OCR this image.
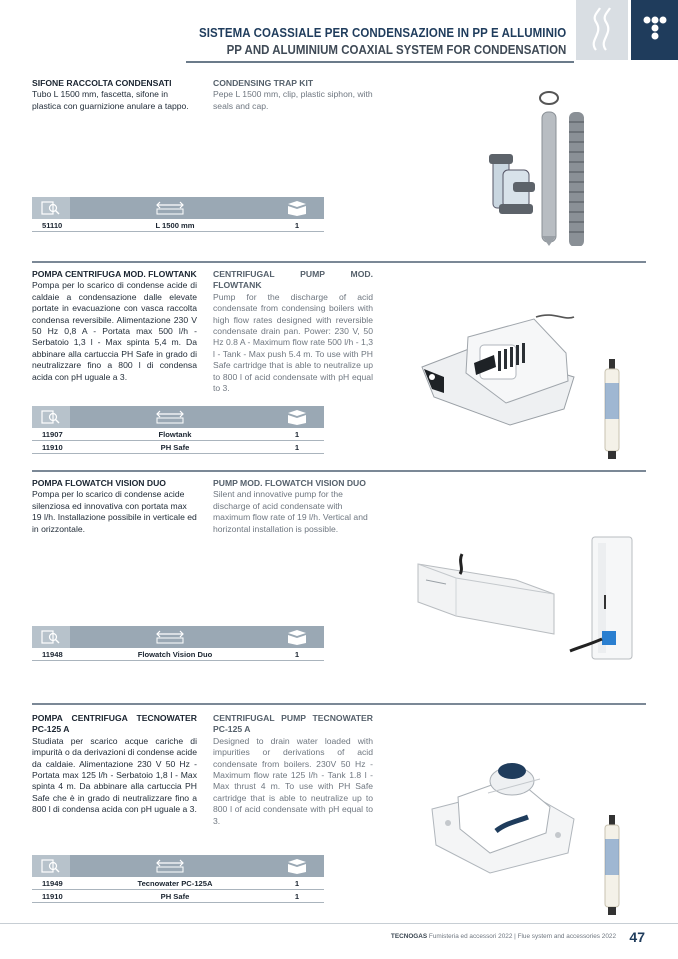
SISTEMA COASSIALE PER CONDENSAZIONE IN PP E ALLUMINIO
PP AND ALUMINIUM COAXIAL SYSTEM FOR CONDENSATION
SIFONE RACCOLTA CONDENSATI
Tubo L 1500 mm, fascetta, sifone in plastica con guarnizione anulare a tappo.
CONDENSING TRAP KIT
Pepe L 1500 mm, clip, plastic siphon, with seals and cap.
51110	L 1500 mm	1
POMPA CENTRIFUGA MOD. FLOWTANK
Pompa per lo scarico di condense acide di caldaie a condensazione dalle elevate portate in evacuazione con vasca raccolta condensa reversibile. Alimentazione 230 V 50 Hz 0,8 A - Portata max 500 l/h - Serbatoio 1,3 l - Max spinta 5,4 m. Da abbinare alla cartuccia PH Safe in grado di neutralizzare fino a 800 l di condensa acida con pH uguale a 3.
CENTRIFUGAL PUMP MOD. FLOWTANK
Pump for the discharge of acid condensate from condensing boilers with high flow rates designed with reversible condensate drain pan. Power: 230 V, 50 Hz 0.8 A - Maximum flow rate 500 l/h - 1,3 l - Tank - Max push 5.4 m. To use with PH Safe cartridge that is able to neutralize up to 800 l of acid condensate with pH equal to 3.
11907	Flowtank	1
11910	PH Safe	1
POMPA FLOWATCH VISION DUO
Pompa per lo scarico di condense acide silenziosa ed innovativa con portata max 19 l/h. Installazione possibile in verticale ed in orizzontale.
PUMP MOD. FLOWATCH VISION DUO
Silent and innovative pump for the discharge of acid condensate with maximum flow rate of 19 l/h. Vertical and horizontal installation is possible.
11948	Flowatch Vision Duo	1
POMPA CENTRIFUGA TECNOWATER PC-125 A
Studiata per scarico acque cariche di impurità o da derivazioni di condense acide da caldaie. Alimentazione 230 V 50 Hz - Portata max 125 l/h - Serbatoio 1,8 l - Max spinta 4 m. Da abbinare alla cartuccia PH Safe che è in grado di neutralizzare fino a 800 l di condensa acida con pH uguale a 3.
CENTRIFUGAL PUMP TECNOWATER PC-125 A
Designed to drain water loaded with impurities or derivations of acid condensate from boilers. 230V 50 Hz - Maximum flow rate 125 l/h - Tank 1.8 l - Max thrust 4 m. To use with PH Safe cartridge that is able to neutralize up to 800 l of acid condensate with pH equal to 3.
11949	Tecnowater PC-125A	1
11910	PH Safe	1
TECNOGAS Fumisteria ed accessori 2022 | Flue system and accessories 2022 47
